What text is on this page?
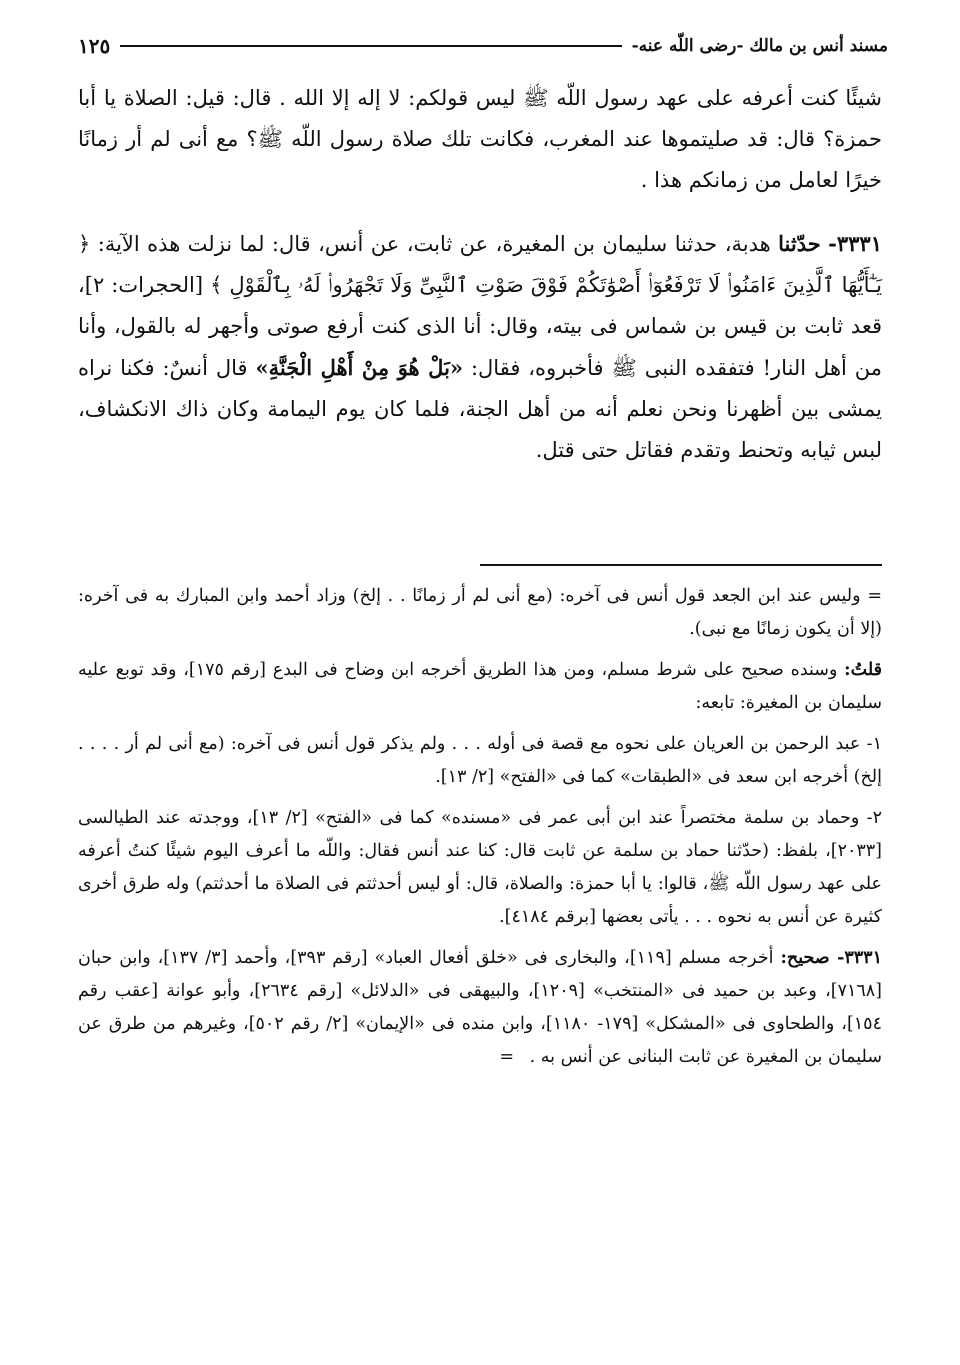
مسند أنس بن مالك -رضى اللّه عنه-
١٢٥

شيئًا كنت أعرفه على عهد رسول اللّه ﷺ ليس قولكم: لا إله إلا الله . قال: قيل: الصلاة يا أبا حمزة؟ قال: قد صليتموها عند المغرب، فكانت تلك صلاة رسول اللّه ﷺ؟ مع أنى لم أر زمانًا خيرًا لعامل من زمانكم هذا .

٣٣٣١- حدّثنا هدبة، حدثنا سليمان بن المغيرة، عن ثابت، عن أنس، قال: لما نزلت هذه الآية: ﴿ يَـٰٓأَيُّهَا ٱلَّذِينَ ءَامَنُوا۟ لَا تَرْفَعُوٓا۟ أَصْوَٰتَكُمْ فَوْقَ صَوْتِ ٱلنَّبِىِّ وَلَا تَجْهَرُوا۟ لَهُۥ بِٱلْقَوْلِ ﴾ [الحجرات: ٢]، قعد ثابت بن قيس بن شماس فى بيته، وقال: أنا الذى كنت أرفع صوتى وأجهر له بالقول، وأنا من أهل النار! فتفقده النبى ﷺ فأخبروه، فقال: «بَلْ هُوَ مِنْ أَهْلِ الْجَنَّةِ» قال أنسٌ: فكنا نراه يمشى بين أظهرنا ونحن نعلم أنه من أهل الجنة، فلما كان يوم اليمامة وكان ذاك الانكشاف، لبس ثيابه وتحنط وتقدم فقاتل حتى قتل.

= وليس عند ابن الجعد قول أنس فى آخره: (مع أنى لم أر زمانًا . . إلخ) وزاد أحمد وابن المبارك به فى آخره: (إلا أن يكون زمانًا مع نبى).

قلتُ: وسنده صحيح على شرط مسلم، ومن هذا الطريق أخرجه ابن وضاح فى البدع [رقم ١٧٥]، وقد توبع عليه سليمان بن المغيرة: تابعه:

١- عبد الرحمن بن العريان على نحوه مع قصة فى أوله . . . ولم يذكر قول أنس فى آخره: (مع أنى لم أر . . . . إلخ) أخرجه ابن سعد فى «الطبقات» كما فى «الفتح» [٢/ ١٣].

٢- وحماد بن سلمة مختصراً عند ابن أبى عمر فى «مسنده» كما فى «الفتح» [٢/ ١٣]، ووجدته عند الطيالسى [٢٠٣٣]، بلفظ: (حدّثنا حماد بن سلمة عن ثابت قال: كنا عند أنس فقال: واللّه ما أعرف اليوم شيئًا كنتُ أعرفه على عهد رسول اللّه ﷺ، قالوا: يا أبا حمزة: والصلاة، قال: أو ليس أحدثتم فى الصلاة ما أحدثتم) وله طرق أخرى كثيرة عن أنس به نحوه . . . يأتى بعضها [برقم ٤١٨٤].

٣٣٣١- صحيح: أخرجه مسلم [١١٩]، والبخارى فى «خلق أفعال العباد» [رقم ٣٩٣]، وأحمد [٣/ ١٣٧]، وابن حبان [٧١٦٨]، وعبد بن حميد فى «المنتخب» [١٢٠٩]، والبيهقى فى «الدلائل» [رقم ٢٦٣٤]، وأبو عوانة [عقب رقم ١٥٤]، والطحاوى فى «المشكل» [١٧٩- ١١٨٠]، وابن منده فى «الإيمان» [٢/ رقم ٥٠٢]، وغيرهم من طرق عن سليمان بن المغيرة عن ثابت البنانى عن أنس به . =
